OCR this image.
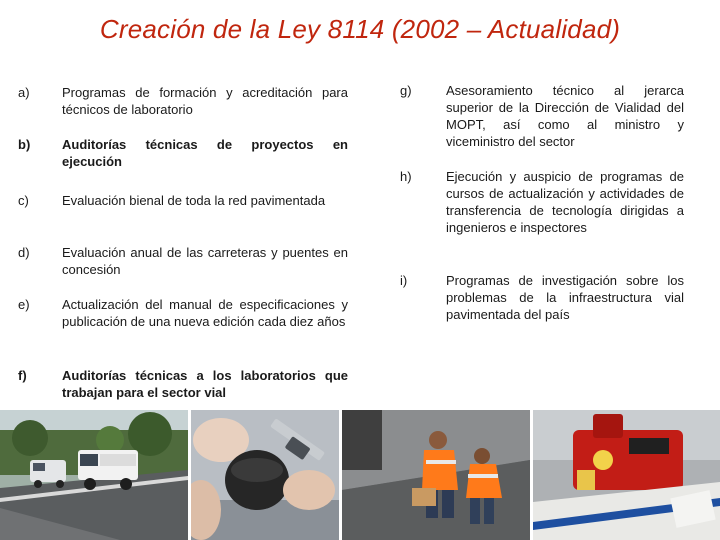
Creación de la Ley 8114 (2002 – Actualidad)
a)	Programas de formación y acreditación para técnicos de laboratorio
b)	Auditorías técnicas de proyectos en ejecución
c)	Evaluación bienal de toda la red pavimentada
d)	Evaluación anual de las carreteras y puentes en concesión
e)	Actualización del manual de especificaciones y publicación de una nueva edición cada diez años
f)	Auditorías técnicas a los laboratorios que trabajan para el sector vial
g)	Asesoramiento técnico al jerarca superior de la Dirección de Vialidad del MOPT, así como al ministro y viceministro del sector
h)	Ejecución y auspicio de programas de cursos de actualización y actividades de transferencia de tecnología dirigidas a ingenieros e inspectores
i)	Programas de investigación sobre los problemas de la infraestructura vial pavimentada del país
